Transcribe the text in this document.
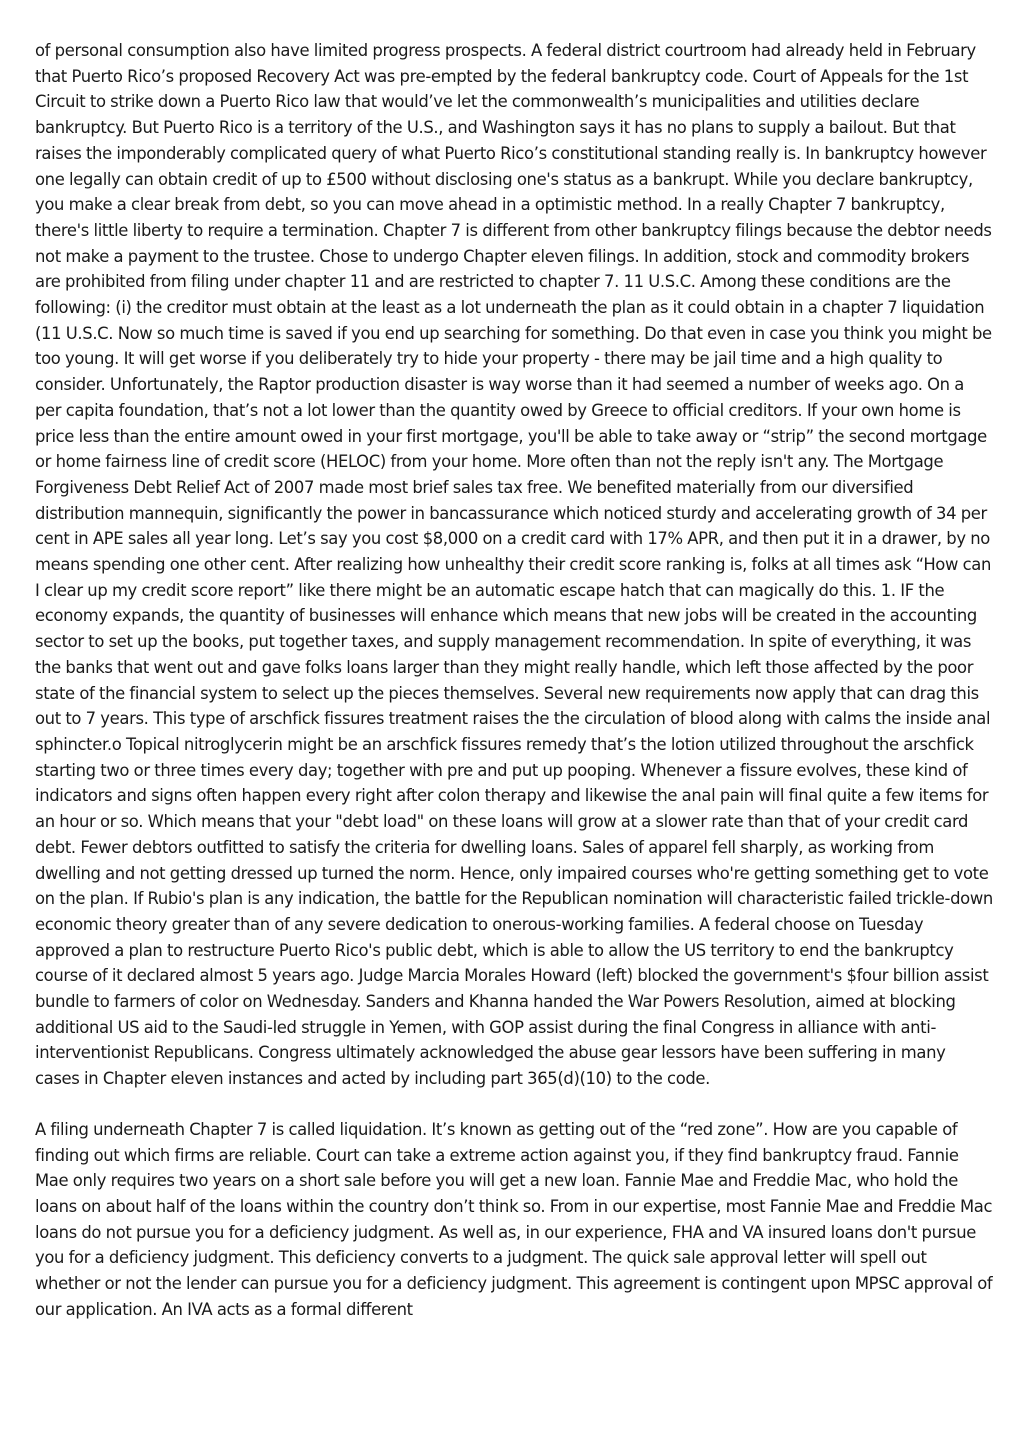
of personal consumption also have limited progress prospects. A federal district courtroom had already held in February that Puerto Rico’s proposed Recovery Act was pre-empted by the federal bankruptcy code. Court of Appeals for the 1st Circuit to strike down a Puerto Rico law that would’ve let the commonwealth’s municipalities and utilities declare bankruptcy. But Puerto Rico is a territory of the U.S., and Washington says it has no plans to supply a bailout. But that raises the imponderably complicated query of what Puerto Rico’s constitutional standing really is. In bankruptcy however one legally can obtain credit of up to £500 without disclosing one's status as a bankrupt. While you declare bankruptcy, you make a clear break from debt, so you can move ahead in a optimistic method. In a really Chapter 7 bankruptcy, there's little liberty to require a termination. Chapter 7 is different from other bankruptcy filings because the debtor needs not make a payment to the trustee. Chose to undergo Chapter eleven filings. In addition, stock and commodity brokers are prohibited from filing under chapter 11 and are restricted to chapter 7. 11 U.S.C. Among these conditions are the following: (i) the creditor must obtain at the least as a lot underneath the plan as it could obtain in a chapter 7 liquidation (11 U.S.C. Now so much time is saved if you end up searching for something. Do that even in case you think you might be too young. It will get worse if you deliberately try to hide your property - there may be jail time and a high quality to consider. Unfortunately, the Raptor production disaster is way worse than it had seemed a number of weeks ago. On a per capita foundation, that’s not a lot lower than the quantity owed by Greece to official creditors. If your own home is price less than the entire amount owed in your first mortgage, you'll be able to take away or “strip” the second mortgage or home fairness line of credit score (HELOC) from your home. More often than not the reply isn't any. The Mortgage Forgiveness Debt Relief Act of 2007 made most brief sales tax free. We benefited materially from our diversified distribution mannequin, significantly the power in bancassurance which noticed sturdy and accelerating growth of 34 per cent in APE sales all year long. Let’s say you cost $8,000 on a credit card with 17% APR, and then put it in a drawer, by no means spending one other cent. After realizing how unhealthy their credit score ranking is, folks at all times ask “How can I clear up my credit score report” like there might be an automatic escape hatch that can magically do this. 1. IF the economy expands, the quantity of businesses will enhance which means that new jobs will be created in the accounting sector to set up the books, put together taxes, and supply management recommendation. In spite of everything, it was the banks that went out and gave folks loans larger than they might really handle, which left those affected by the poor state of the financial system to select up the pieces themselves. Several new requirements now apply that can drag this out to 7 years. This type of arschfick fissures treatment raises the the circulation of blood along with calms the inside anal sphincter.o Topical nitroglycerin might be an arschfick fissures remedy that’s the lotion utilized throughout the arschfick starting two or three times every day; together with pre and put up pooping. Whenever a fissure evolves, these kind of indicators and signs often happen every right after colon therapy and likewise the anal pain will final quite a few items for an hour or so. Which means that your "debt load" on these loans will grow at a slower rate than that of your credit card debt. Fewer debtors outfitted to satisfy the criteria for dwelling loans. Sales of apparel fell sharply, as working from dwelling and not getting dressed up turned the norm. Hence, only impaired courses who're getting something get to vote on the plan. If Rubio's plan is any indication, the battle for the Republican nomination will characteristic failed trickle-down economic theory greater than of any severe dedication to onerous-working families. A federal choose on Tuesday approved a plan to restructure Puerto Rico's public debt, which is able to allow the US territory to end the bankruptcy course of it declared almost 5 years ago. Judge Marcia Morales Howard (left) blocked the government's $four billion assist bundle to farmers of color on Wednesday. Sanders and Khanna handed the War Powers Resolution, aimed at blocking additional US aid to the Saudi-led struggle in Yemen, with GOP assist during the final Congress in alliance with anti-interventionist Republicans. Congress ultimately acknowledged the abuse gear lessors have been suffering in many cases in Chapter eleven instances and acted by including part 365(d)(10) to the code.

A filing underneath Chapter 7 is called liquidation. It’s known as getting out of the “red zone”. How are you capable of finding out which firms are reliable. Court can take a extreme action against you, if they find bankruptcy fraud. Fannie Mae only requires two years on a short sale before you will get a new loan. Fannie Mae and Freddie Mac, who hold the loans on about half of the loans within the country don’t think so. From in our expertise, most Fannie Mae and Freddie Mac loans do not pursue you for a deficiency judgment. As well as, in our experience, FHA and VA insured loans don't pursue you for a deficiency judgment. This deficiency converts to a judgment. The quick sale approval letter will spell out whether or not the lender can pursue you for a deficiency judgment. This agreement is contingent upon MPSC approval of our application. An IVA acts as a formal different
